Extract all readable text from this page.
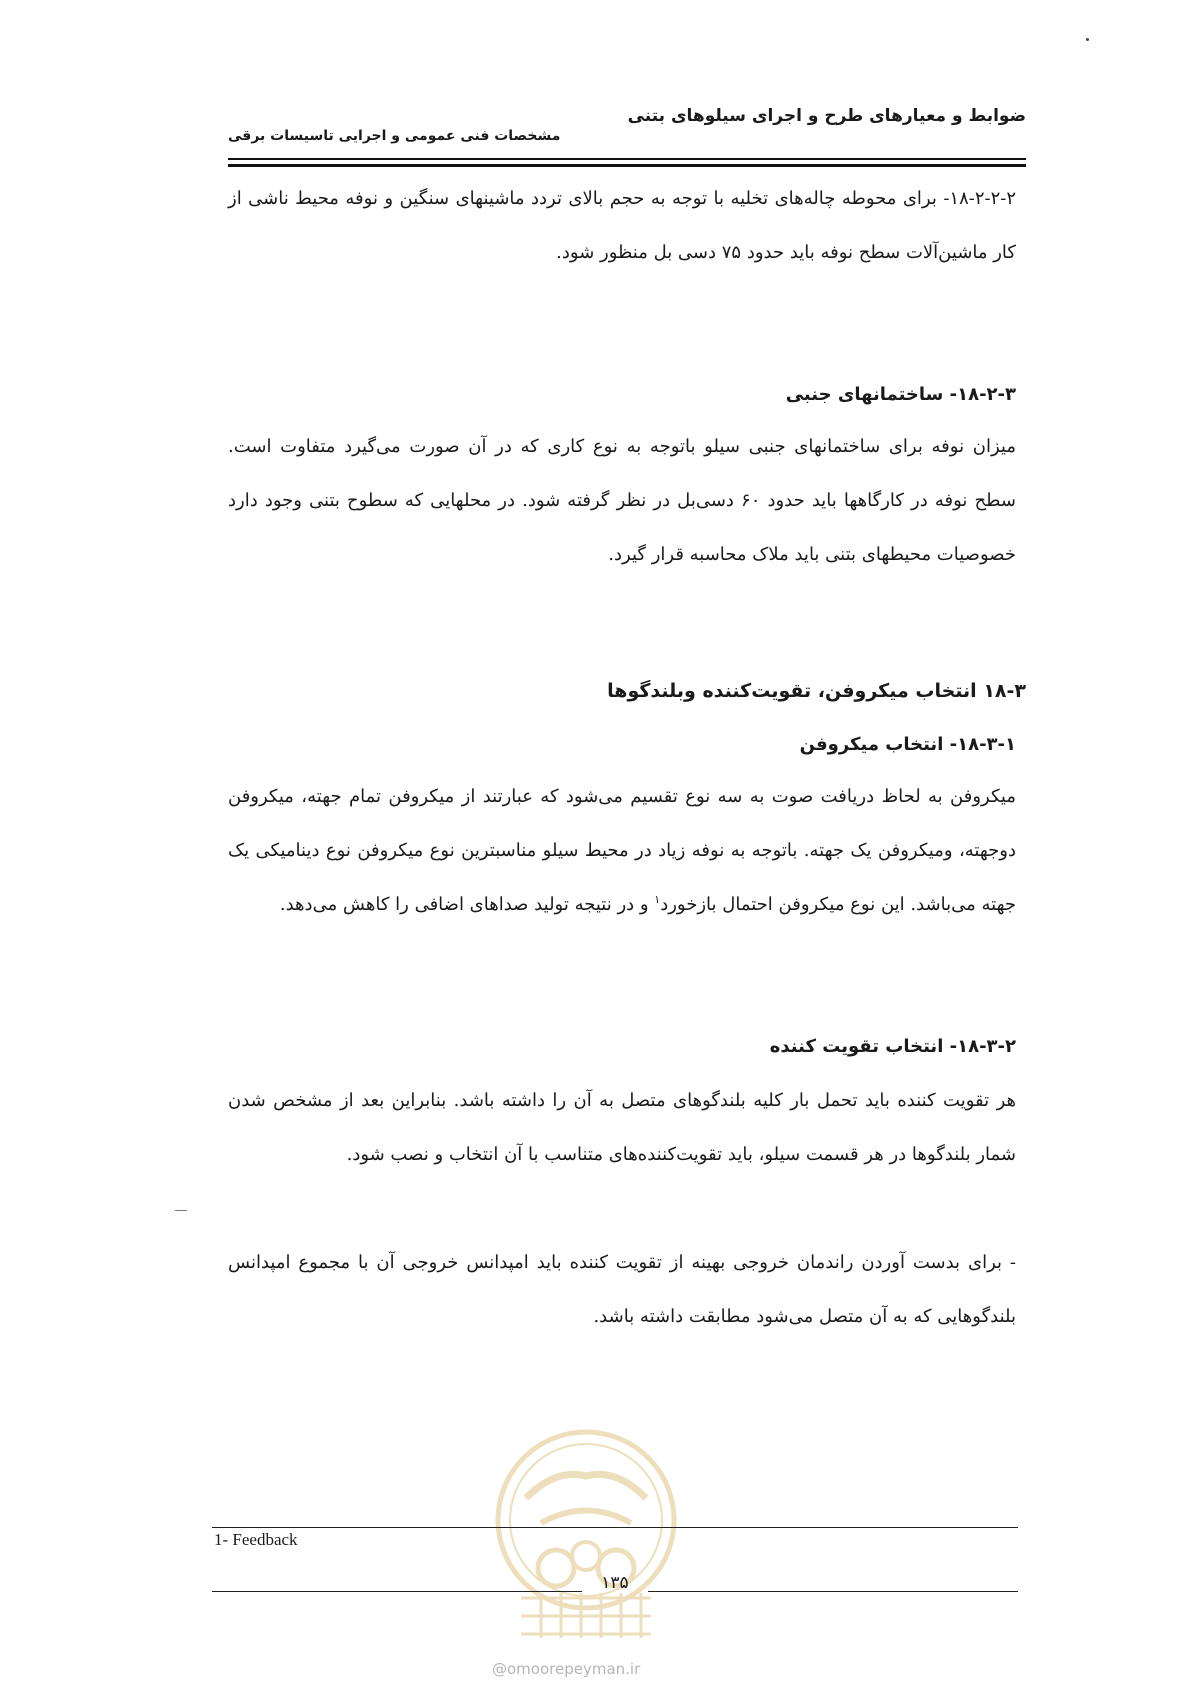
ضوابط و معیارهای طرح و اجرای سیلوهای بتنی
مشخصات فنی عمومی و اجرایی تاسیسات برقی
۱۸-۲-۲-۲- برای محوطه چاله‌های تخلیه با توجه به حجم بالای تردد ماشینهای سنگین و نوفه محیط ناشی از کار ماشین‌آلات سطح نوفه باید حدود ۷۵ دسی بل منظور شود.
۱۸-۲-۳- ساختمانهای جنبی
میزان نوفه برای ساختمانهای جنبی سیلو باتوجه به نوع کاری که در آن صورت می‌گیرد متفاوت است. سطح نوفه در کارگاهها باید حدود ۶۰ دسی‌بل در نظر گرفته شود. در محلهایی که سطوح بتنی وجود دارد خصوصیات محیطهای بتنی باید ملاک محاسبه قرار گیرد.
۱۸-۳ انتخاب میکروفن، تقویت‌کننده وبلندگوها
۱۸-۳-۱- انتخاب میکروفن
میکروفن به لحاظ دریافت صوت به سه نوع تقسیم می‌شود که عبارتند از میکروفن تمام جهته، میکروفن دوجهته، ومیکروفن یک جهته. باتوجه به نوفه زیاد در محیط سیلو مناسبترین نوع میکروفن نوع دینامیکی یک جهته می‌باشد. این نوع میکروفن احتمال بازخورد$^۱$ و در نتیجه تولید صداهای اضافی را کاهش می‌دهد.
۱۸-۳-۲- انتخاب تقویت کننده
هر تقویت کننده باید تحمل بار کلیه بلندگوهای متصل به آن را داشته باشد. بنابراین بعد از مشخص شدن شمار بلندگوها در هر قسمت سیلو، باید تقویت‌کننده‌های متناسب با آن انتخاب و نصب شود.
- برای بدست آوردن راندمان خروجی بهینه از تقویت کننده باید امپدانس خروجی آن با مجموع امپدانس بلندگوهایی که به آن متصل می‌شود مطابقت داشته باشد.
1- Feedback
۱۳۵
@omoorepeyman.ir
